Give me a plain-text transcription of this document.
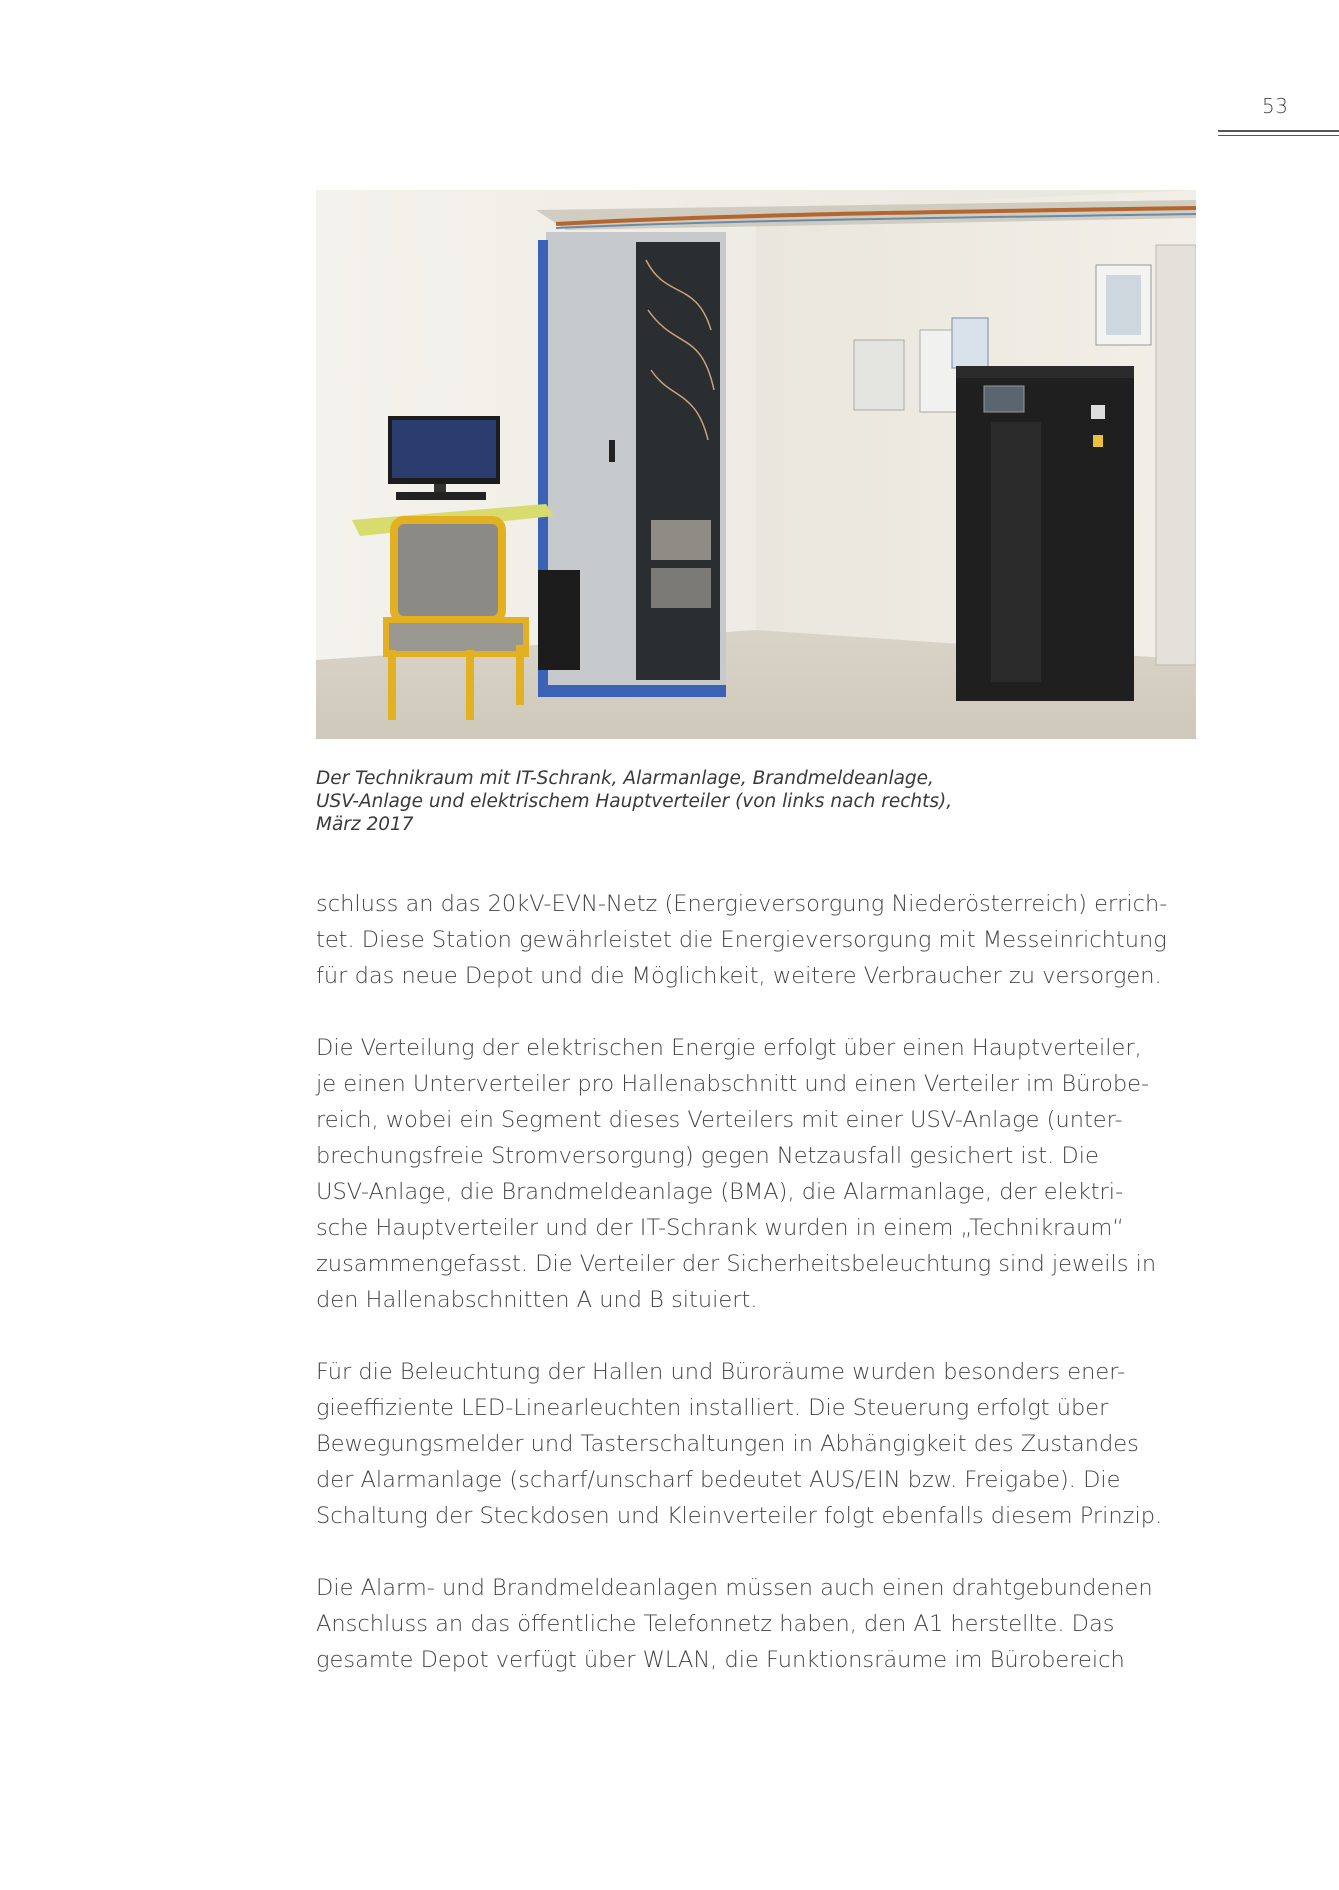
53
Der Technikraum mit IT-Schrank, Alarmanlage, Brandmeldeanlage,
USV-Anlage und elektrischem Hauptverteiler (von links nach rechts),
März 2017

schluss an das 20kV-EVN-Netz (Energieversorgung Niederösterreich) errich-
tet. Diese Station gewährleistet die Energieversorgung mit Messeinrichtung
für das neue Depot und die Möglichkeit, weitere Verbraucher zu versorgen.

Die Verteilung der elektrischen Energie erfolgt über einen Hauptverteiler,
je einen Unterverteiler pro Hallenabschnitt und einen Verteiler im Bürobe-
reich, wobei ein Segment dieses Verteilers mit einer USV-Anlage (unter-
brechungsfreie Stromversorgung) gegen Netzausfall gesichert ist. Die
USV-Anlage, die Brandmeldeanlage (BMA), die Alarmanlage, der elektri-
sche Hauptverteiler und der IT-Schrank wurden in einem „Technikraum“
zusammengefasst. Die Verteiler der Sicherheitsbeleuchtung sind jeweils in
den Hallenabschnitten A und B situiert.

Für die Beleuchtung der Hallen und Büroräume wurden besonders ener-
gieeffiziente LED-Linearleuchten installiert. Die Steuerung erfolgt über
Bewegungsmelder und Tasterschaltungen in Abhängigkeit des Zustandes
der Alarmanlage (scharf/unscharf bedeutet AUS/EIN bzw. Freigabe). Die
Schaltung der Steckdosen und Kleinverteiler folgt ebenfalls diesem Prinzip.

Die Alarm- und Brandmeldeanlagen müssen auch einen drahtgebundenen
Anschluss an das öffentliche Telefonnetz haben, den A1 herstellte. Das
gesamte Depot verfügt über WLAN, die Funktionsräume im Bürobereich
